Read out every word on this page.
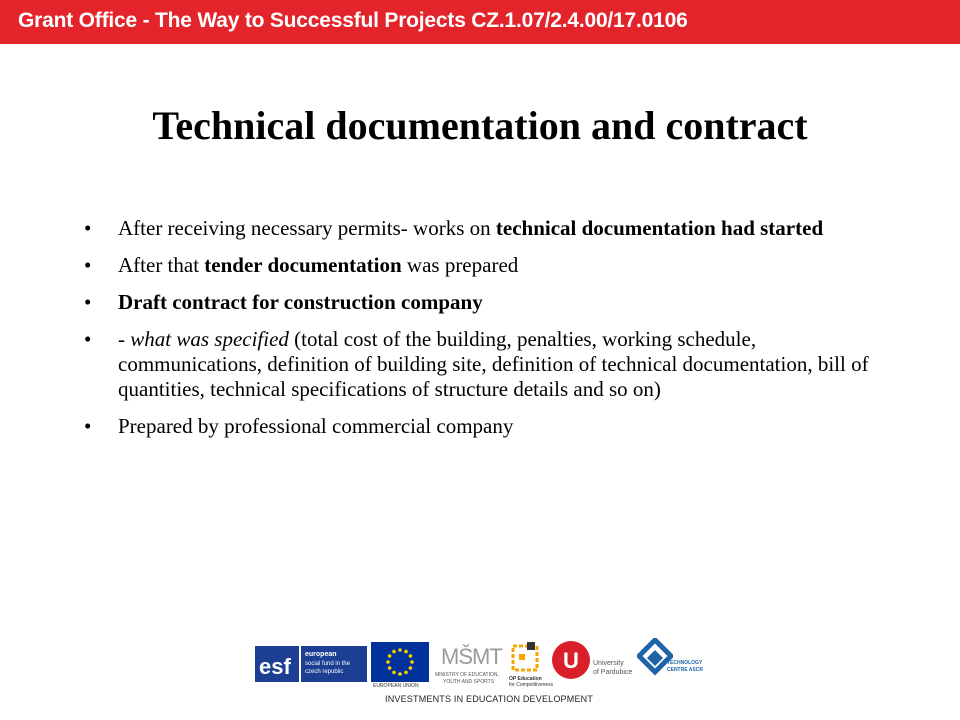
Grant Office - The Way to Successful Projects CZ.1.07/2.4.00/17.0106
Technical documentation and contract
• After receiving necessary permits- works on technical documentation had started
• After that tender documentation was prepared
• Draft contract for construction company
• - what was specified (total cost of the building, penalties, working schedule, communications, definition of building site, definition of technical documentation, bill of quantities, technical specifications of structure details and so on)
• Prepared by professional commercial company
esf european
social fund in the
czech republic
EUROPEAN UNION
MŠMT
MINISTRY OF EDUCATION,
YOUTH AND SPORTS	OP Education
for Competitiveness
U University
of Pardubice
TECHNOLOGY
CENTRE ASCR
INVESTMENTS IN EDUCATION DEVELOPMENT
